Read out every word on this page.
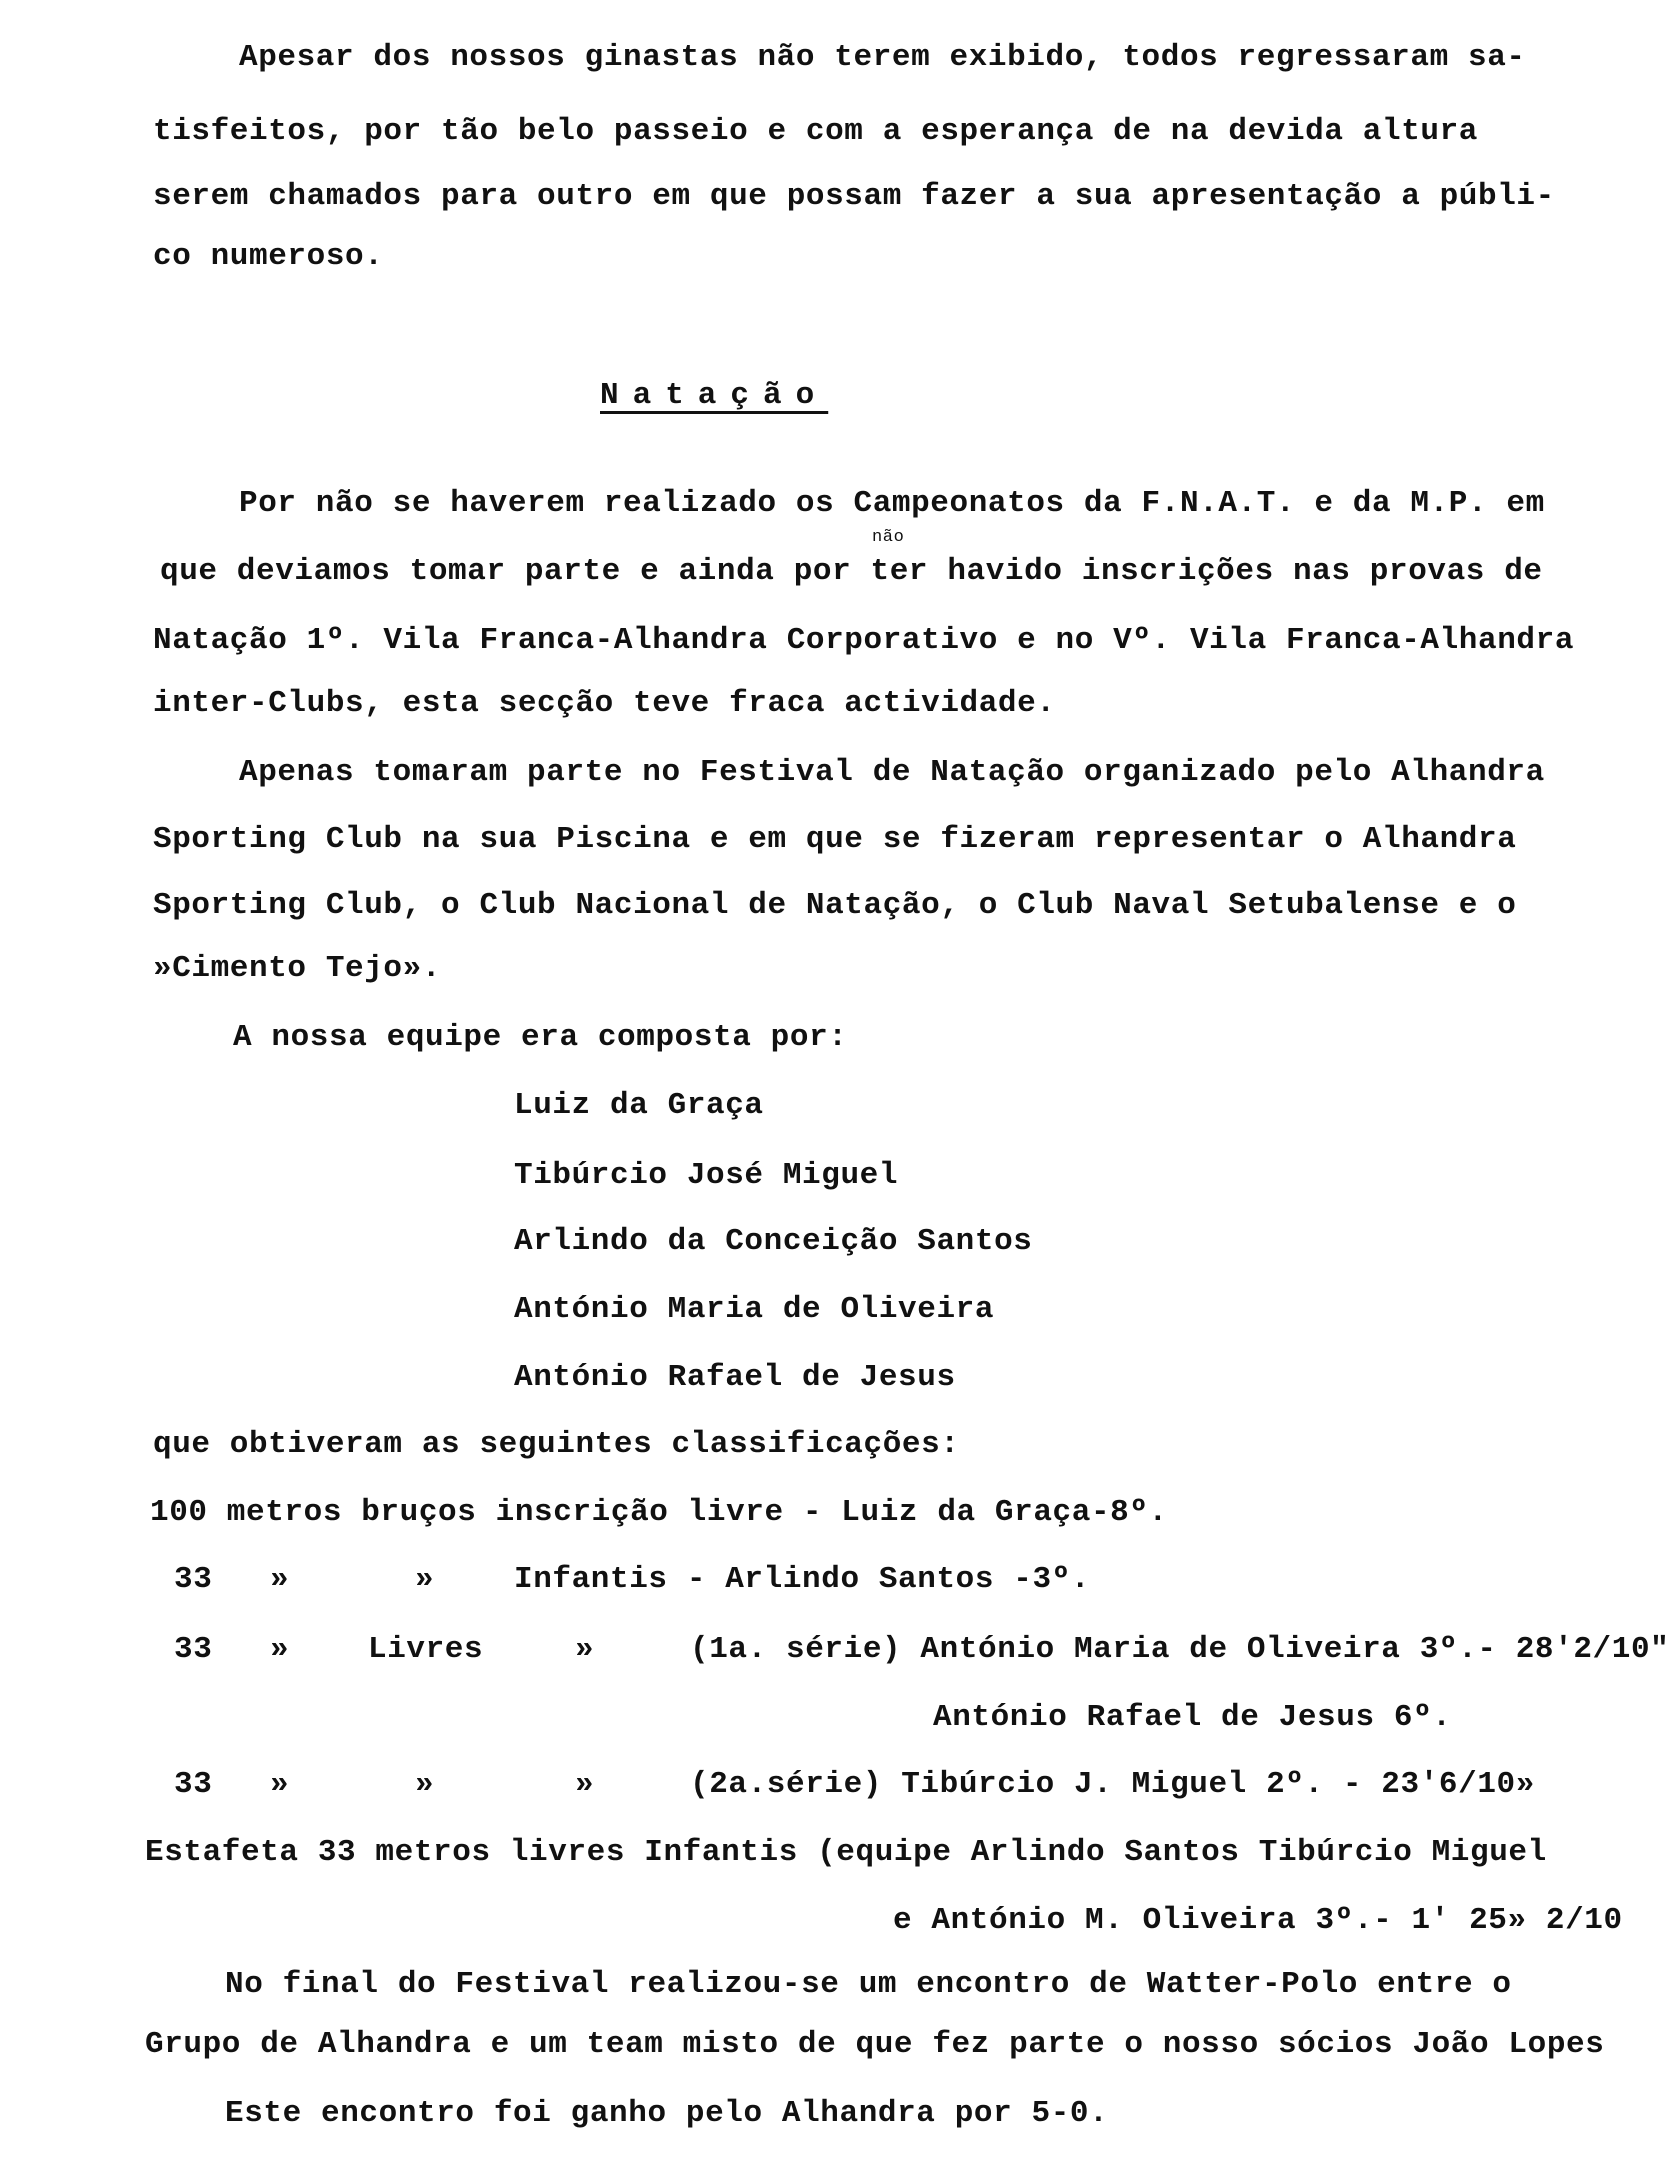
Apesar dos nossos ginastas não terem exibido, todos regressaram sa-
tisfeitos, por tão belo passeio e com a esperança de na devida altura
serem chamados para outro em que possam fazer a sua apresentação a públi-
co numeroso.
Natação
Por não se haverem realizado os Campeonatos da F.N.A.T. e da M.P. em
não
que deviamos tomar parte e ainda por ter havido inscrições nas provas de
Natação 1º. Vila Franca-Alhandra Corporativo e no Vº. Vila Franca-Alhandra
inter-Clubs, esta secção teve fraca actividade.
Apenas tomaram parte no Festival de Natação organizado pelo Alhandra
Sporting Club na sua Piscina e em que se fizeram representar o Alhandra
Sporting Club, o Club Nacional de Natação, o Club Naval Setubalense e o
»Cimento Tejo».
A nossa equipe era composta por:
Luiz da Graça
Tibúrcio José Miguel
Arlindo da Conceição Santos
António Maria de Oliveira
António Rafael de Jesus
que obtiveram as seguintes classificações:
100 metros bruços inscrição livre - Luiz da Graça-8º.
33 »	»	Infantis - Arlindo Santos -3º.
33 »	Livres	»	(1a. série) António Maria de Oliveira 3º.- 28'2/10"
António Rafael de Jesus 6º.
33 »	»	»	(2a.série) Tibúrcio J. Miguel 2º. - 23'6/10»
Estafeta 33 metros livres Infantis (equipe Arlindo Santos Tibúrcio Miguel
e António M. Oliveira 3º.- 1' 25» 2/10
No final do Festival realizou-se um encontro de Watter-Polo entre o
Grupo de Alhandra e um team misto de que fez parte o nosso sócios João Lopes
Este encontro foi ganho pelo Alhandra por 5-0.
